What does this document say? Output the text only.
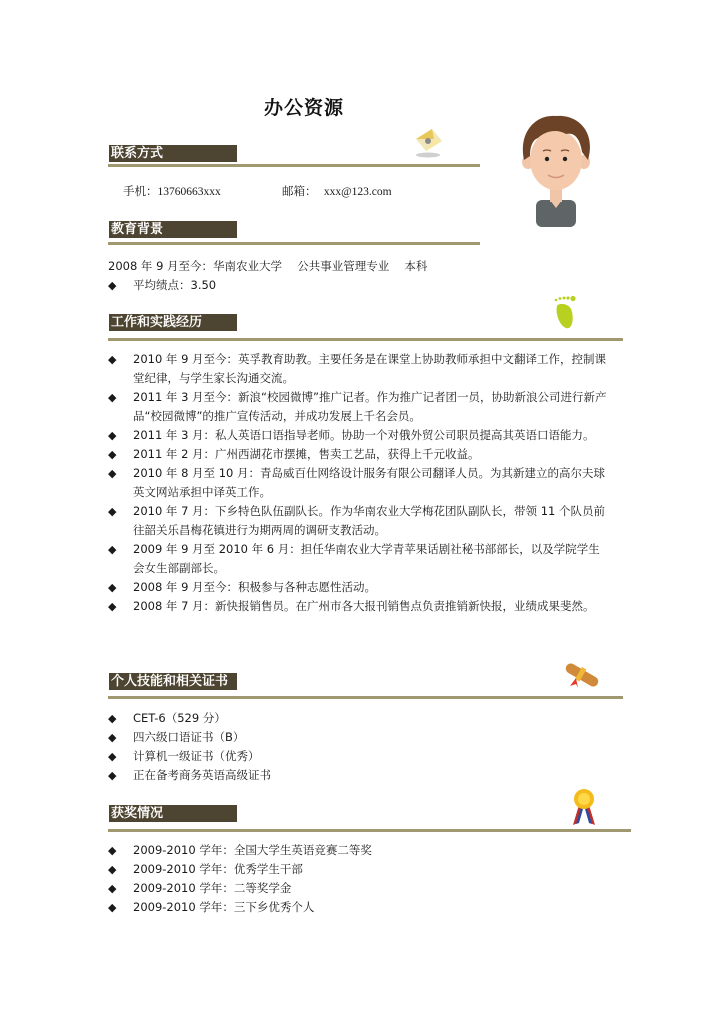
办公资源
联系方式
手机：13760663xxx	邮箱： xxx@123.com
教育背景
2008 年 9 月至今：华南农业大学　 公共事业管理专业　 本科
◆ 平均绩点：3.50
工作和实践经历
◆ 2010 年 9 月至今：英孚教育助教。主要任务是在课堂上协助教师承担中文翻译工作，控制课堂纪律，与学生家长沟通交流。
◆ 2011 年 3 月至今：新浪“校园微博”推广记者。作为推广记者团一员，协助新浪公司进行新产品“校园微博”的推广宣传活动，并成功发展上千名会员。
◆ 2011 年 3 月：私人英语口语指导老师。协助一个对俄外贸公司职员提高其英语口语能力。
◆ 2011 年 2 月：广州西湖花市摆摊，售卖工艺品，获得上千元收益。
◆ 2010 年 8 月至 10 月：青岛威百仕网络设计服务有限公司翻译人员。为其新建立的高尔夫球英文网站承担中译英工作。
◆ 2010 年 7 月：下乡特色队伍副队长。作为华南农业大学梅花团队副队长，带领 11 个队员前往韶关乐昌梅花镇进行为期两周的调研支教活动。
◆ 2009 年 9 月至 2010 年 6 月：担任华南农业大学青苹果话剧社秘书部部长，以及学院学生会女生部副部长。
◆ 2008 年 9 月至今：积极参与各种志愿性活动。
◆ 2008 年 7 月：新快报销售员。在广州市各大报刊销售点负责推销新快报，业绩成果斐然。
个人技能和相关证书
◆ CET-6（529 分）
◆ 四六级口语证书（B）
◆ 计算机一级证书（优秀）
◆ 正在备考商务英语高级证书
获奖情况
◆ 2009-2010 学年：全国大学生英语竞赛二等奖
◆ 2009-2010 学年：优秀学生干部
◆ 2009-2010 学年：二等奖学金
◆ 2009-2010 学年：三下乡优秀个人
